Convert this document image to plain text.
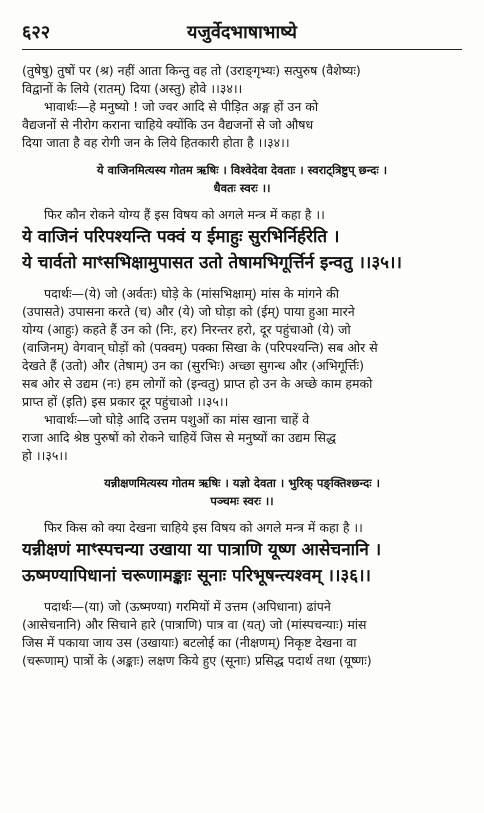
६२२	यजुर्वेदभाषाभाष्ये
(तुषेषु) तुषों पर (श्र) नहीं आता किन्तु वह तो (उराङ्गृभ्यः) सत्पुरुष (वैशेष्यः)
विद्वानों के लिये (रातम्) दिया (अस्तु) होवे ।।३४।।
भावार्थः—हे मनुष्यो ! जो ज्वर आदि से पीड़ित अङ्ग हों उन को
वैद्यजनों से नीरोग कराना चाहिये क्योंकि उन वैद्यजनों से जो औषध
दिया जाता है वह रोगी जन के लिये हितकारी होता है ।।३४।।
ये वाजिनमित्यस्य गोतम ऋषिः । विश्वेदेवा देवताः । स्वराट्त्रिष्टुप् छन्दः ।
धैवतः स्वरः ।।
फिर कौन रोकने योग्य हैं इस विषय को अगले मन्त्र में कहा है ।।
ये वाजिनं परिपश्यन्ति पक्वं य ईमाहुः सुरभिर्निर्हरेति ।
ये चार्वतो माꣳसभिक्षामुपासत उतो तेषामभिगूर्त्तिर्न इन्वतु ।।३५।।
पदार्थः—(ये) जो (अर्वतः) घोड़े के (मांसभिक्षाम्) मांस के मांगने की
(उपासते) उपासना करते (च) और (ये) जो घोड़ा को (ईम्) पाया हुआ मारने
योग्य (आहुः) कहते हैं उन को (निः, हर) निरन्तर हरो, दूर पहुंचाओ (ये) जो
(वाजिनम्) वेगवान् घोड़ों को (पक्वम्) पक्का सिखा के (परिपश्यन्ति) सब ओर से
देखते हैं (उतो) और (तेषाम्) उन का (सुरभिः) अच्छा सुगन्ध और (अभिगूर्त्तिः)
सब ओर से उद्यम (नः) हम लोगों को (इन्वतु) प्राप्त हो उन के अच्छे काम हमको
प्राप्त हों (इति) इस प्रकार दूर पहुंचाओ ।।३५।।
भावार्थः—जो घोड़े आदि उत्तम पशुओं का मांस खाना चाहें वे
राजा आदि श्रेष्ठ पुरुषों को रोकने चाहियें जिस से मनुष्यों का उद्यम सिद्ध
हो ।।३५।।
यन्नीक्षणमित्यस्य गोतम ऋषिः । यज्ञो देवता । भुरिक् पङ्क्तिश्छन्दः ।
पञ्चमः स्वरः ।।
फिर किस को क्या देखना चाहिये इस विषय को अगले मन्त्र में कहा है ।।
यन्नीक्षणं माꣳस्पचन्या उखाया या पात्राणि यूष्ण आसेचनानि ।
ऊष्मण्यापिधानां चरूणामङ्काः सूनाः परिभूषन्त्यश्वम् ।।३६।।
पदार्थः—(या) जो (ऊष्मण्या) गरमियों में उत्तम (अपिधाना) ढांपने
(आसेचनानि) और सिचाने हारे (पात्राणि) पात्र वा (यत्) जो (मांस्पचन्याः) मांस
जिस में पकाया जाय उस (उखायाः) बटलोई का (नीक्षणम्) निकृष्ट देखना वा
(चरूणाम्) पात्रों के (अङ्काः) लक्षण किये हुए (सूनाः) प्रसिद्ध पदार्थ तथा (यूष्णः)
